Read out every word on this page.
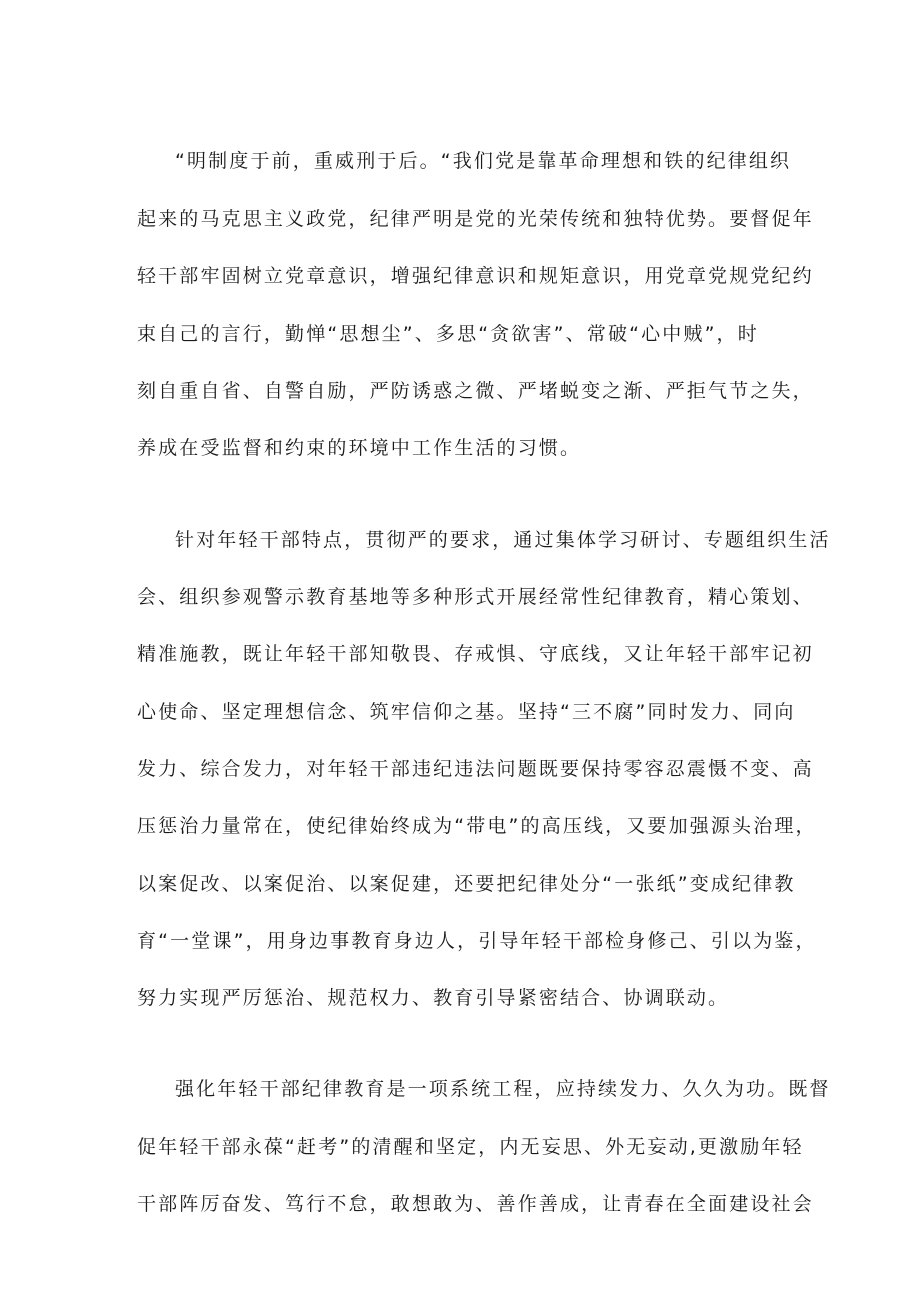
“明制度于前，重威刑于后。“我们党是靠革命理想和铁的纪律组织
起来的马克思主义政党，纪律严明是党的光荣传统和独特优势。要督促年
轻干部牢固树立党章意识，增强纪律意识和规矩意识，用党章党规党纪约
束自己的言行，勤惮“思想尘”、多思“贪欲害”、常破“心中贼”，时
刻自重自省、自警自励，严防诱惑之微、严堵蜕变之渐、严拒气节之失，
养成在受监督和约束的环境中工作生活的习惯。
针对年轻干部特点，贯彻严的要求，通过集体学习研讨、专题组织生活
会、组织参观警示教育基地等多种形式开展经常性纪律教育，精心策划、
精准施教，既让年轻干部知敬畏、存戒惧、守底线，又让年轻干部牢记初
心使命、坚定理想信念、筑牢信仰之基。坚持“三不腐”同时发力、同向
发力、综合发力，对年轻干部违纪违法问题既要保持零容忍震慑不变、高
压惩治力量常在，使纪律始终成为“带电”的高压线，又要加强源头治理，
以案促改、以案促治、以案促建，还要把纪律处分“一张纸”变成纪律教
育“一堂课”，用身边事教育身边人，引导年轻干部检身修己、引以为鉴，
努力实现严厉惩治、规范权力、教育引导紧密结合、协调联动。
强化年轻干部纪律教育是一项系统工程，应持续发力、久久为功。既督
促年轻干部永葆“赶考”的清醒和坚定，内无妄思、外无妄动,更激励年轻
干部阵厉奋发、笃行不怠，敢想敢为、善作善成，让青春在全面建设社会
